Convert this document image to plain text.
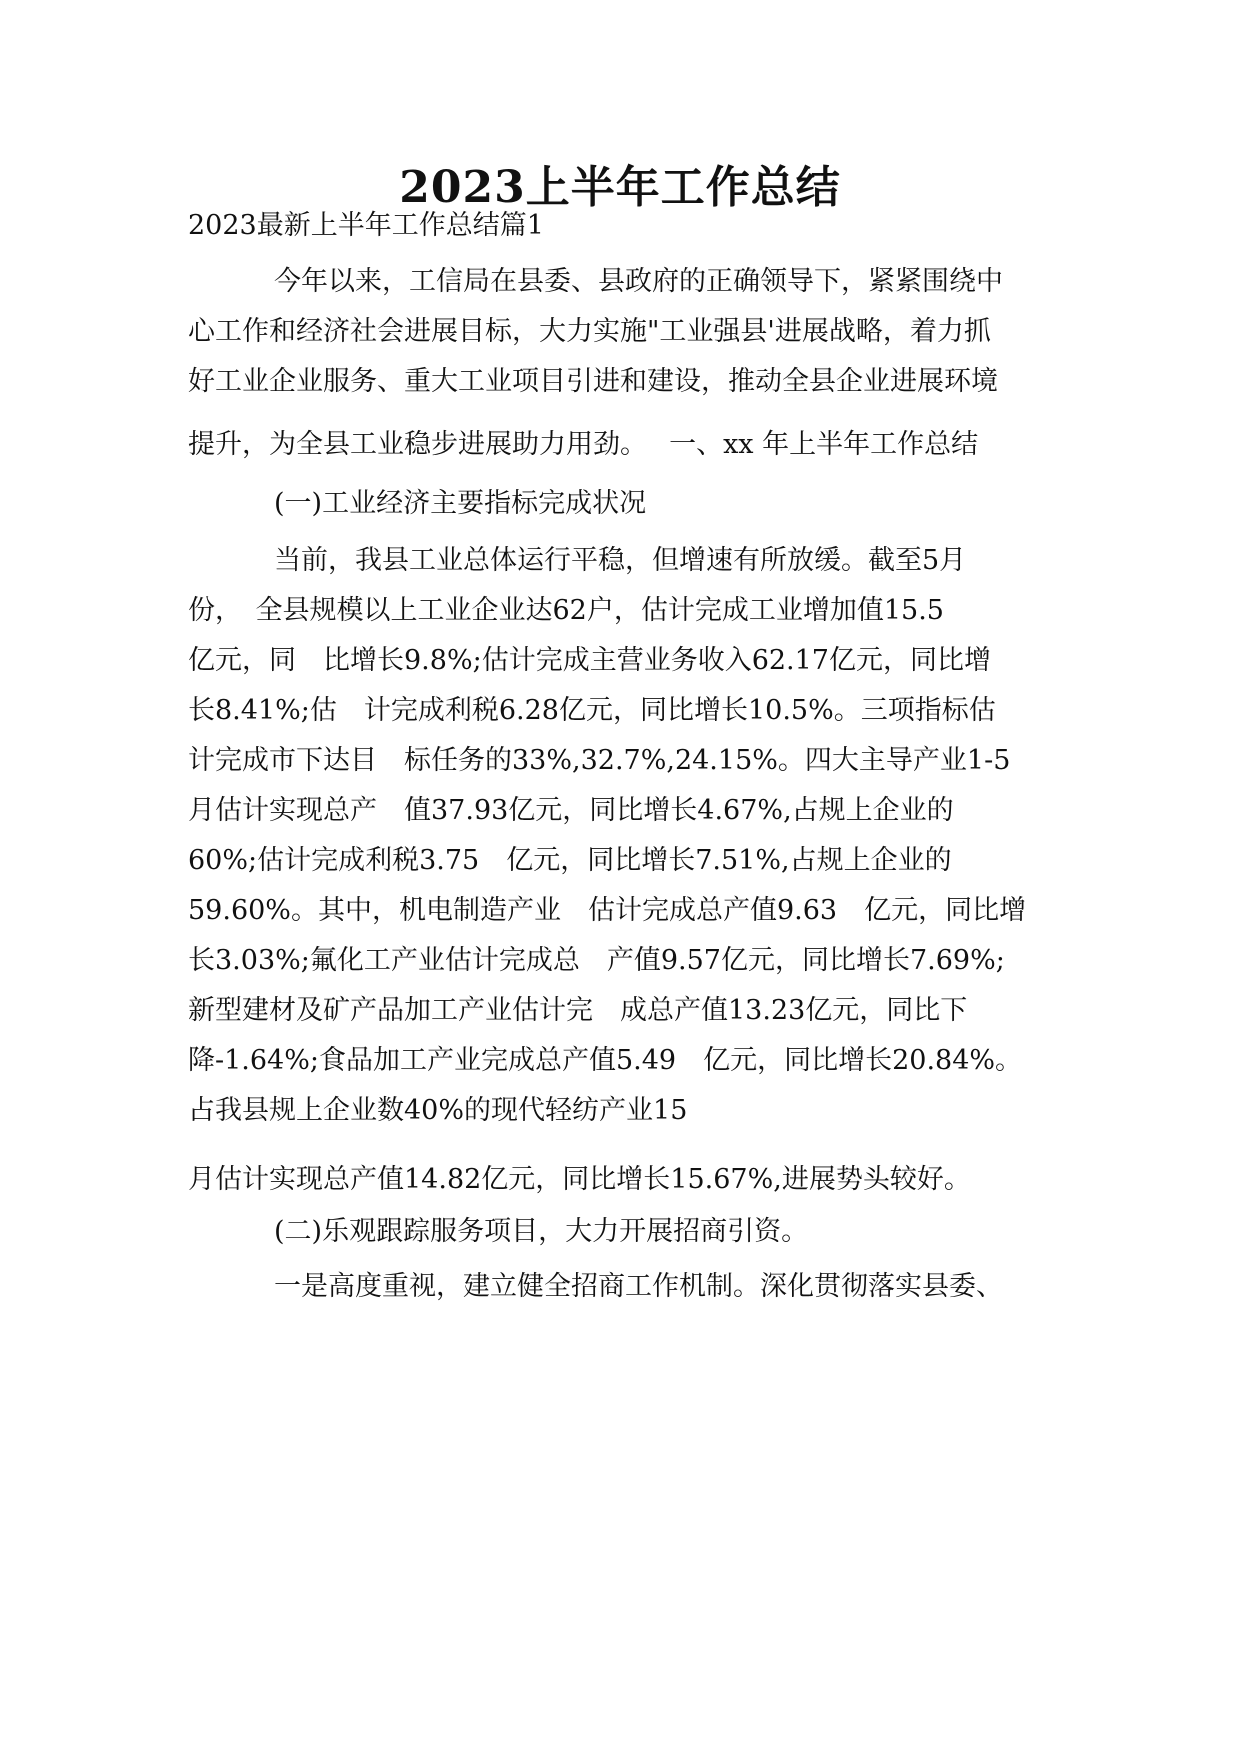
2023上半年工作总结

2023最新上半年工作总结篇1

今年以来，工信局在县委、县政府的正确领导下，紧紧围绕中

心工作和经济社会进展目标，大力实施"工业强县'进展战略，着力抓

好工业企业服务、重大工业项目引进和建设，推动全县企业进展环境

提升，为全县工业稳步进展助力用劲。　 一、xx 年上半年工作总结

(一)工业经济主要指标完成状况

当前，我县工业总体运行平稳，但增速有所放缓。截至5月

份，　全县规模以上工业企业达62户，估计完成工业增加值15.5

亿元，同　比增长9.8%;估计完成主营业务收入62.17亿元，同比增

长8.41%;估　计完成利税6.28亿元，同比增长10.5%。三项指标估

计完成市下达目　标任务的33%,32.7%,24.15%。四大主导产业1-5

月估计实现总产　值37.93亿元，同比增长4.67%,占规上企业的

60%;估计完成利税3.75　亿元，同比增长7.51%,占规上企业的

59.60%。其中，机电制造产业　估计完成总产值9.63　亿元，同比增

长3.03%;氟化工产业估计完成总　产值9.57亿元，同比增长7.69%;

新型建材及矿产品加工产业估计完　成总产值13.23亿元，同比下

降-1.64%;食品加工产业完成总产值5.49　亿元，同比增长20.84%。

占我县规上企业数40%的现代轻纺产业15

月估计实现总产值14.82亿元，同比增长15.67%,进展势头较好。

(二)乐观跟踪服务项目，大力开展招商引资。

一是高度重视，建立健全招商工作机制。深化贯彻落实县委、
